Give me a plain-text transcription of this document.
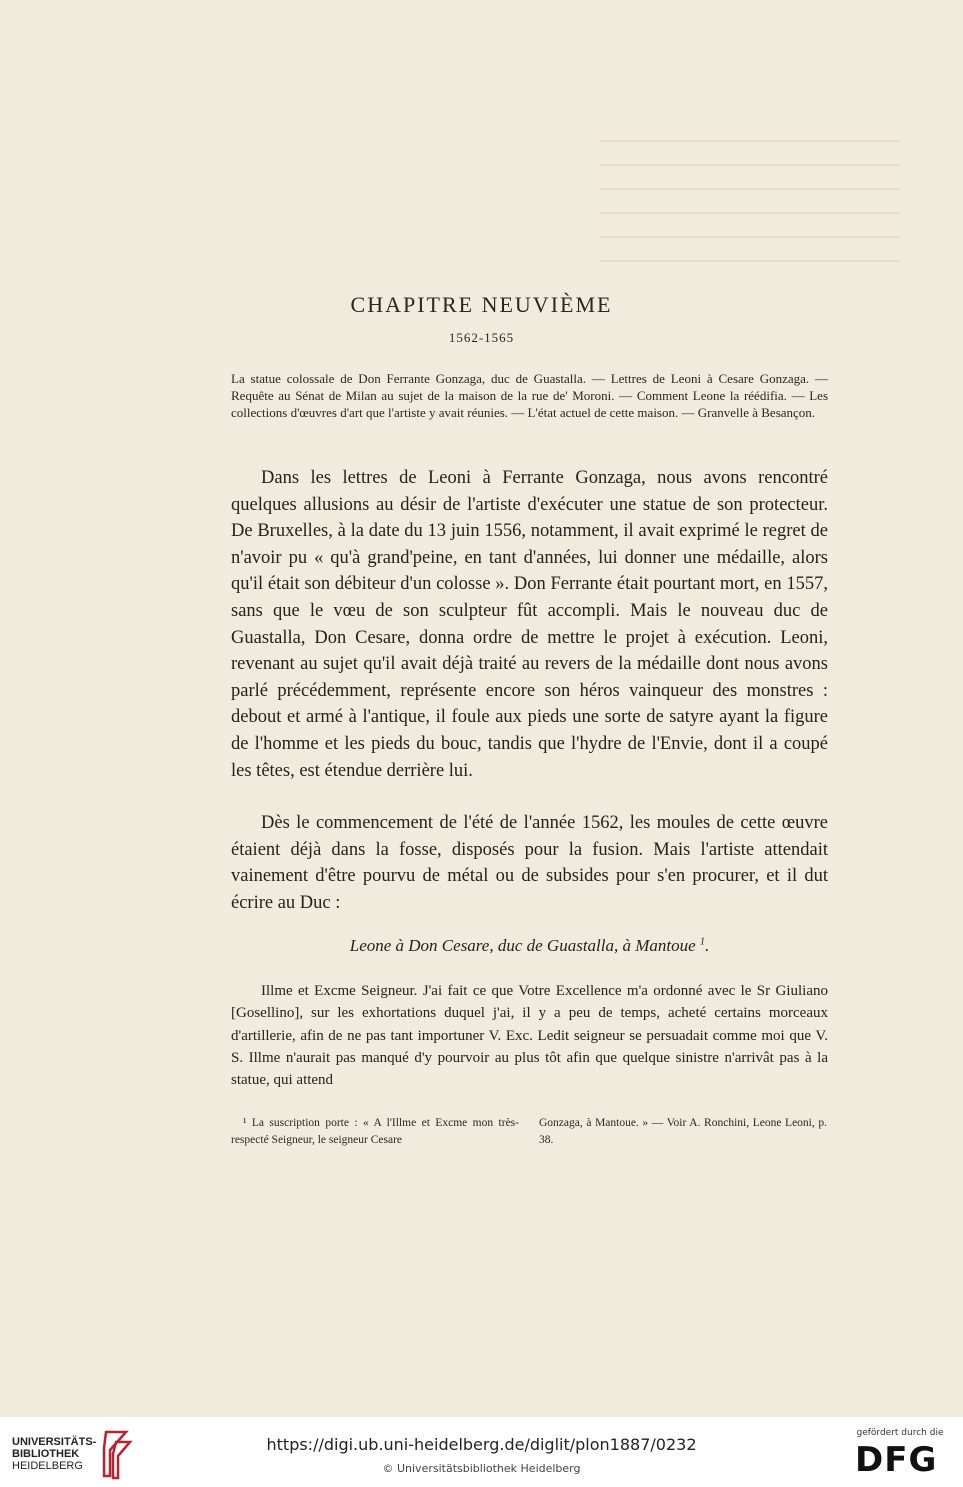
CHAPITRE NEUVIÈME
1562-1565
La statue colossale de Don Ferrante Gonzaga, duc de Guastalla. — Lettres de Leoni à Cesare Gonzaga. — Requête au Sénat de Milan au sujet de la maison de la rue de' Moroni. — Comment Leone la réédifia. — Les collections d'œuvres d'art que l'artiste y avait réunies. — L'état actuel de cette maison. — Granvelle à Besançon.

Dans les lettres de Leoni à Ferrante Gonzaga, nous avons rencontré quelques allusions au désir de l'artiste d'exécuter une statue de son protecteur. De Bruxelles, à la date du 13 juin 1556, notamment, il avait exprimé le regret de n'avoir pu « qu'à grand'peine, en tant d'années, lui donner une médaille, alors qu'il était son débiteur d'un colosse ». Don Ferrante était pourtant mort, en 1557, sans que le vœu de son sculpteur fût accompli. Mais le nouveau duc de Guastalla, Don Cesare, donna ordre de mettre le projet à exécution. Leoni, revenant au sujet qu'il avait déjà traité au revers de la médaille dont nous avons parlé précédemment, représente encore son héros vainqueur des monstres : debout et armé à l'antique, il foule aux pieds une sorte de satyre ayant la figure de l'homme et les pieds du bouc, tandis que l'hydre de l'Envie, dont il a coupé les têtes, est étendue derrière lui.

Dès le commencement de l'été de l'année 1562, les moules de cette œuvre étaient déjà dans la fosse, disposés pour la fusion. Mais l'artiste attendait vainement d'être pourvu de métal ou de subsides pour s'en procurer, et il dut écrire au Duc :

Leone à Don Cesare, duc de Guastalla, à Mantoue $^1$.

Illme et Excme Seigneur. J'ai fait ce que Votre Excellence m'a ordonné avec le Sr Giuliano [Gosellino], sur les exhortations duquel j'ai, il y a peu de temps, acheté certains morceaux d'artillerie, afin de ne pas tant importuner V. Exc. Ledit seigneur se persuadait comme moi que V. S. Illme n'aurait pas manqué d'y pourvoir au plus tôt afin que quelque sinistre n'arrivât pas à la statue, qui attend

¹ La suscription porte : « A l'Illme et Excme mon très-respecté Seigneur, le seigneur Cesare
Gonzaga, à Mantoue. » — Voir A. Ronchini, Leone Leoni, p. 38.
UNIVERSITÄTS-
BIBLIOTHEK
HEIDELBERG
https://digi.ub.uni-heidelberg.de/diglit/plon1887/0232
© Universitätsbibliothek Heidelberg
gefördert durch die
DFG
